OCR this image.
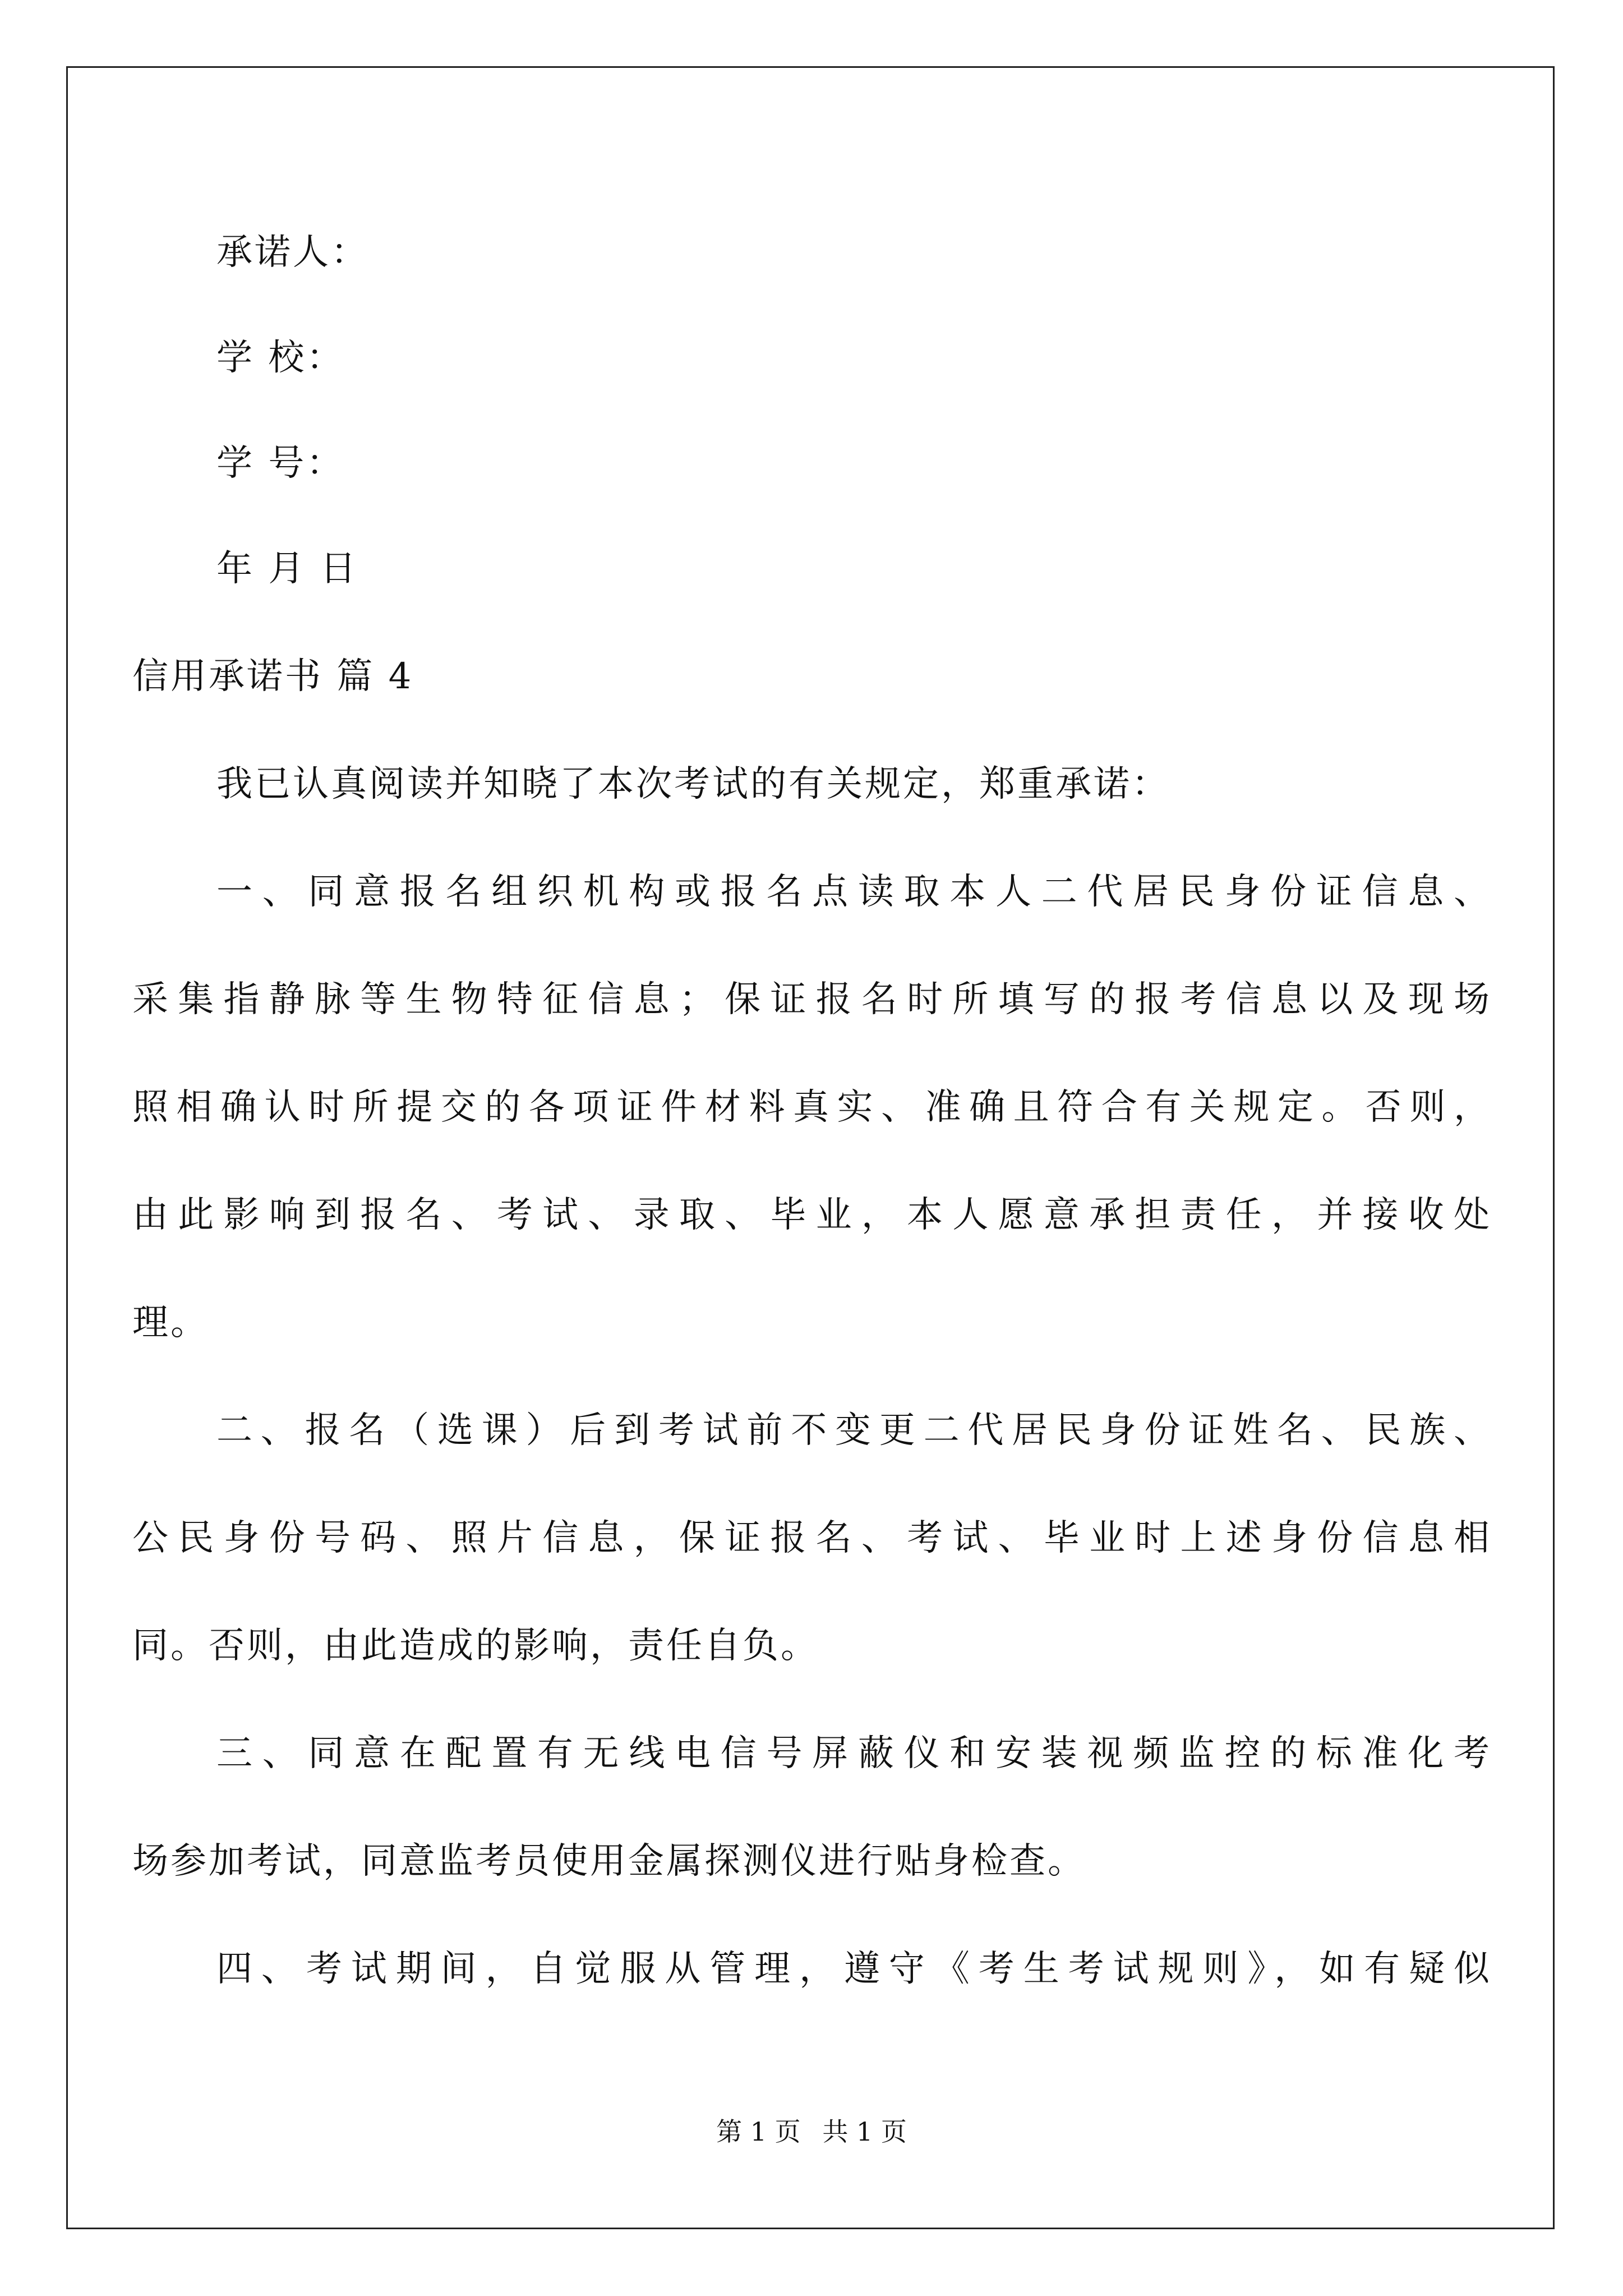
承诺人：
学 校：
学 号：
年 月 日
信用承诺书 篇 4
我已认真阅读并知晓了本次考试的有关规定，郑重承诺：
一、同意报名组织机构或报名点读取本人二代居民身份证信息、
采集指静脉等生物特征信息；保证报名时所填写的报考信息以及现场
照相确认时所提交的各项证件材料真实、准确且符合有关规定。否则，
由此影响到报名、考试、录取、毕业，本人愿意承担责任，并接收处
理。
二、报名（选课）后到考试前不变更二代居民身份证姓名、民族、
公民身份号码、照片信息，保证报名、考试、毕业时上述身份信息相
同。否则，由此造成的影响，责任自负。
三、同意在配置有无线电信号屏蔽仪和安装视频监控的标准化考
场参加考试，同意监考员使用金属探测仪进行贴身检查。
四、考试期间，自觉服从管理，遵守《考生考试规则》，如有疑似
第 1 页 共 1 页
